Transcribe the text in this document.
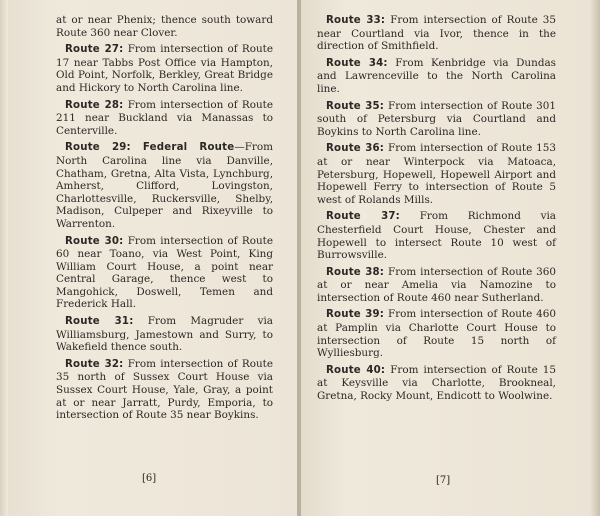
at or near Phenix; thence south toward Route 360 near Clover.

Route 27: From intersection of Route 17 near Tabbs Post Office via Hampton, Old Point, Norfolk, Berkley, Great Bridge and Hickory to North Carolina line.

Route 28: From intersection of Route 211 near Buckland via Manassas to Centerville.

Route 29: Federal Route—From North Carolina line via Danville, Chatham, Gretna, Alta Vista, Lynchburg, Amherst, Clifford, Lovingston, Charlottesville, Ruckersville, Shelby, Madison, Culpeper and Rixeyville to Warrenton.

Route 30: From intersection of Route 60 near Toano, via West Point, King William Court House, a point near Central Garage, thence west to Mangohick, Doswell, Temen and Frederick Hall.

Route 31: From Magruder via Williamsburg, Jamestown and Surry, to Wakefield thence south.

Route 32: From intersection of Route 35 north of Sussex Court House via Sussex Court House, Yale, Gray, a point at or near Jarratt, Purdy, Emporia, to intersection of Route 35 near Boykins.

[6]

Route 33: From intersection of Route 35 near Courtland via Ivor, thence in the direction of Smithfield.

Route 34: From Kenbridge via Dundas and Lawrenceville to the North Carolina line.

Route 35: From intersection of Route 301 south of Petersburg via Courtland and Boykins to North Carolina line.

Route 36: From intersection of Route 153 at or near Winterpock via Matoaca, Petersburg, Hopewell, Hopewell Airport and Hopewell Ferry to intersection of Route 5 west of Rolands Mills.

Route 37: From Richmond via Chesterfield Court House, Chester and Hopewell to intersect Route 10 west of Burrowsville.

Route 38: From intersection of Route 360 at or near Amelia via Namozine to intersection of Route 460 near Sutherland.

Route 39: From intersection of Route 460 at Pamplin via Charlotte Court House to intersection of Route 15 north of Wylliesburg.

Route 40: From intersection of Route 15 at Keysville via Charlotte, Brookneal, Gretna, Rocky Mount, Endicott to Woolwine.

[7]
